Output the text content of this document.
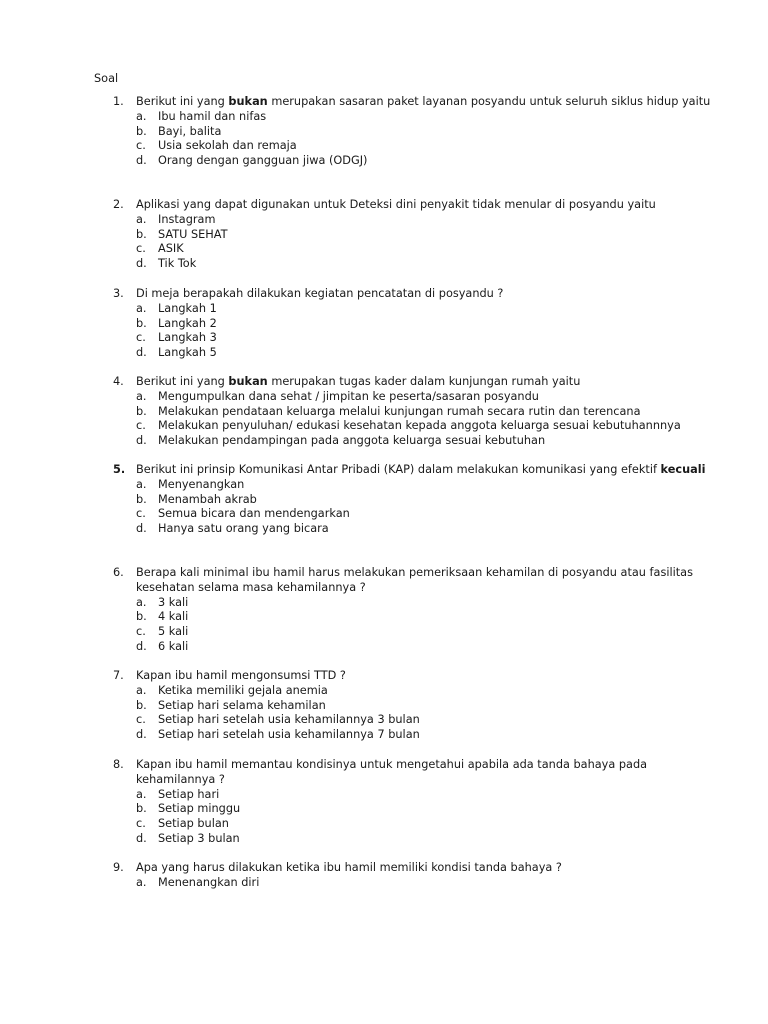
Soal
1. Berikut ini yang bukan merupakan sasaran paket layanan posyandu untuk seluruh siklus hidup yaitu
a. Ibu hamil dan nifas
b. Bayi, balita
c. Usia sekolah dan remaja
d. Orang dengan gangguan jiwa (ODGJ)
2. Aplikasi yang dapat digunakan untuk Deteksi dini penyakit tidak menular di posyandu yaitu
a. Instagram
b. SATU SEHAT
c. ASIK
d. Tik Tok
3. Di meja berapakah dilakukan kegiatan pencatatan di posyandu ?
a. Langkah 1
b. Langkah 2
c. Langkah 3
d. Langkah 5
4. Berikut ini yang bukan merupakan tugas kader dalam kunjungan rumah yaitu
a. Mengumpulkan dana sehat / jimpitan ke peserta/sasaran posyandu
b. Melakukan pendataan keluarga melalui kunjungan rumah secara rutin dan terencana
c. Melakukan penyuluhan/ edukasi kesehatan kepada anggota keluarga sesuai kebutuhannnya
d. Melakukan pendampingan pada anggota keluarga sesuai kebutuhan
5. Berikut ini prinsip Komunikasi Antar Pribadi (KAP) dalam melakukan komunikasi yang efektif kecuali
a. Menyenangkan
b. Menambah akrab
c. Semua bicara dan mendengarkan
d. Hanya satu orang yang bicara
6. Berapa kali minimal ibu hamil harus melakukan pemeriksaan kehamilan di posyandu atau fasilitas kesehatan selama masa kehamilannya ?
a. 3 kali
b. 4 kali
c. 5 kali
d. 6 kali
7. Kapan ibu hamil mengonsumsi TTD ?
a. Ketika memiliki gejala anemia
b. Setiap hari selama kehamilan
c. Setiap hari setelah usia kehamilannya 3 bulan
d. Setiap hari setelah usia kehamilannya 7 bulan
8. Kapan ibu hamil memantau kondisinya untuk mengetahui apabila ada tanda bahaya pada kehamilannya ?
a. Setiap hari
b. Setiap minggu
c. Setiap bulan
d. Setiap 3 bulan
9. Apa yang harus dilakukan ketika ibu hamil memiliki kondisi tanda bahaya ?
a. Menenangkan diri
